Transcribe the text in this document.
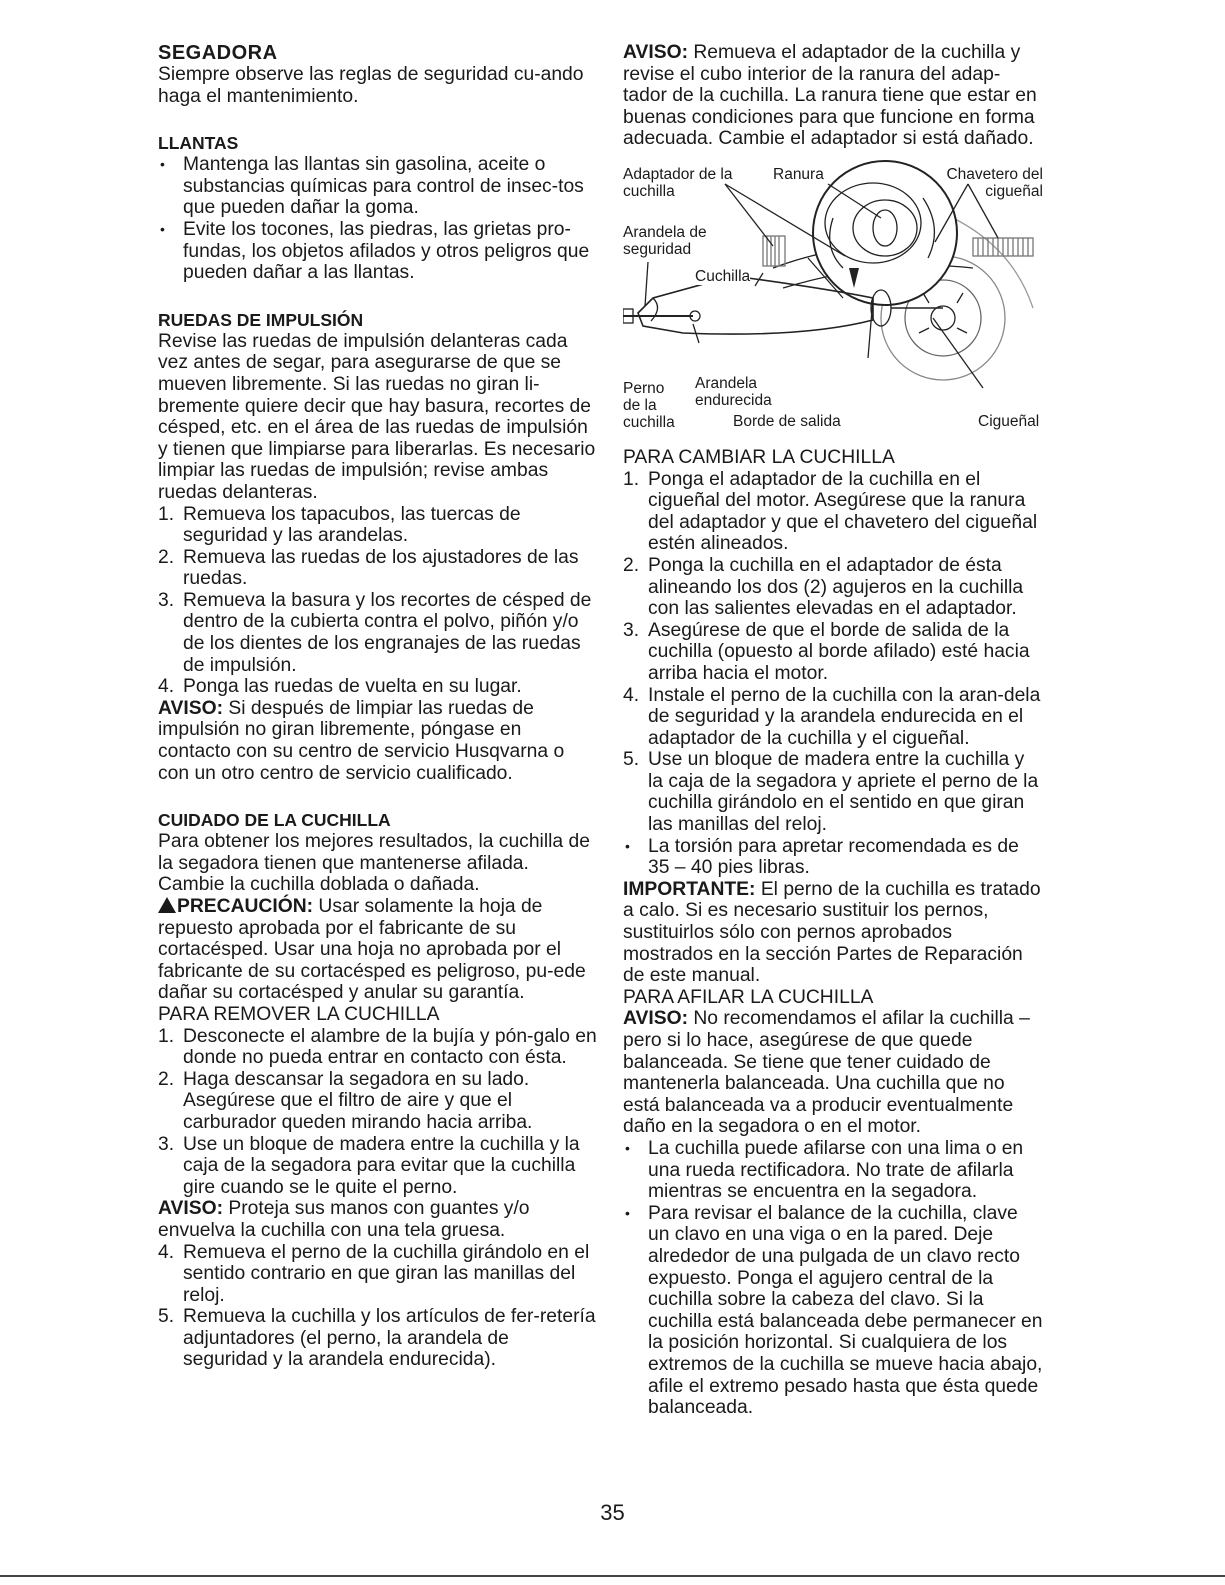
SEGADORA

Siempre observe las reglas de seguridad cu-ando haga el mantenimiento.

LLANTAS
• Mantenga las llantas sin gasolina, aceite o substancias químicas para control de insec-tos que pueden dañar la goma.
• Evite los tocones, las piedras, las grietas pro-fundas, los objetos afilados y otros peligros que pueden dañar a las llantas.
RUEDAS DE IMPULSIÓN

Revise las ruedas de impulsión delanteras cada vez antes de segar, para asegurarse de que se mueven libremente. Si las ruedas no giran li-bremente quiere decir que hay basura, recortes de césped, etc. en el área de las ruedas de impulsión y tienen que limpiarse para liberarlas. Es necesario limpiar las ruedas de impulsión; revise ambas ruedas delanteras.

1. Remueva los tapacubos, las tuercas de seguridad y las arandelas.
2. Remueva las ruedas de los ajustadores de las ruedas.
3. Remueva la basura y los recortes de césped de dentro de la cubierta contra el polvo, piñón y/o de los dientes de los engranajes de las ruedas de impulsión.
4. Ponga las ruedas de vuelta en su lugar.

AVISO: Si después de limpiar las ruedas de impulsión no giran libremente, póngase en contacto con su centro de servicio Husqvarna o con un otro centro de servicio cualificado.

CUIDADO DE LA CUCHILLA

Para obtener los mejores resultados, la cuchilla de la segadora tienen que mantenerse afilada. Cambie la cuchilla doblada o dañada.

PRECAUCIÓN: Usar solamente la hoja de repuesto aprobada por el fabricante de su cortacésped. Usar una hoja no aprobada por el fabricante de su cortacésped es peligroso, pu-ede dañar su cortacésped y anular su garantía.

PARA REMOVER LA CUCHILLA

1. Desconecte el alambre de la bujía y pón-galo en donde no pueda entrar en contacto con ésta.
2. Haga descansar la segadora en su lado. Asegúrese que el filtro de aire y que el carburador queden mirando hacia arriba.
3. Use un bloque de madera entre la cuchilla y la caja de la segadora para evitar que la cuchilla gire cuando se le quite el perno.

AVISO: Proteja sus manos con guantes y/o envuelva la cuchilla con una tela gruesa.

4. Remueva el perno de la cuchilla girándolo en el sentido contrario en que giran las manillas del reloj.
5. Remueva la cuchilla y los artículos de fer-retería adjuntadores (el perno, la arandela de seguridad y la arandela endurecida).

AVISO: Remueva el adaptador de la cuchilla y revise el cubo interior de la ranura del adap-tador de la cuchilla. La ranura tiene que estar en buenas condiciones para que funcione en forma adecuada. Cambie el adaptador si está dañado.

Adaptador de la cuchilla
Ranura	Chavetero del cigueñal
Arandela de seguridad
Cuchilla
Perno de la cuchilla
Arandela endurecida
Borde de salida	Cigueñal

PARA CAMBIAR LA CUCHILLA

1. Ponga el adaptador de la cuchilla en el cigueñal del motor. Asegúrese que la ranura del adaptador y que el chavetero del cigueñal estén alineados.
2. Ponga la cuchilla en el adaptador de ésta alineando los dos (2) agujeros en la cuchilla con las salientes elevadas en el adaptador.
3. Asegúrese de que el borde de salida de la cuchilla (opuesto al borde afilado) esté hacia arriba hacia el motor.
4. Instale el perno de la cuchilla con la aran-dela de seguridad y la arandela endurecida en el adaptador de la cuchilla y el cigueñal.
5. Use un bloque de madera entre la cuchilla y la caja de la segadora y apriete el perno de la cuchilla girándolo en el sentido en que giran las manillas del reloj.
• La torsión para apretar recomendada es de 35 – 40 pies libras.

IMPORTANTE: El perno de la cuchilla es tratado a calo. Si es necesario sustituir los pernos, sustituirlos sólo con pernos aprobados mostrados en la sección Partes de Reparación de este manual.

PARA AFILAR LA CUCHILLA

AVISO: No recomendamos el afilar la cuchilla – pero si lo hace, asegúrese de que quede balanceada. Se tiene que tener cuidado de mantenerla balanceada. Una cuchilla que no está balanceada va a producir eventualmente daño en la segadora o en el motor.

• La cuchilla puede afilarse con una lima o en una rueda rectificadora. No trate de afilarla mientras se encuentra en la segadora.
• Para revisar el balance de la cuchilla, clave un clavo en una viga o en la pared. Deje alrededor de una pulgada de un clavo recto expuesto. Ponga el agujero central de la cuchilla sobre la cabeza del clavo. Si la cuchilla está balanceada debe permanecer en la posición horizontal. Si cualquiera de los extremos de la cuchilla se mueve hacia abajo, afile el extremo pesado hasta que ésta quede balanceada.
35
